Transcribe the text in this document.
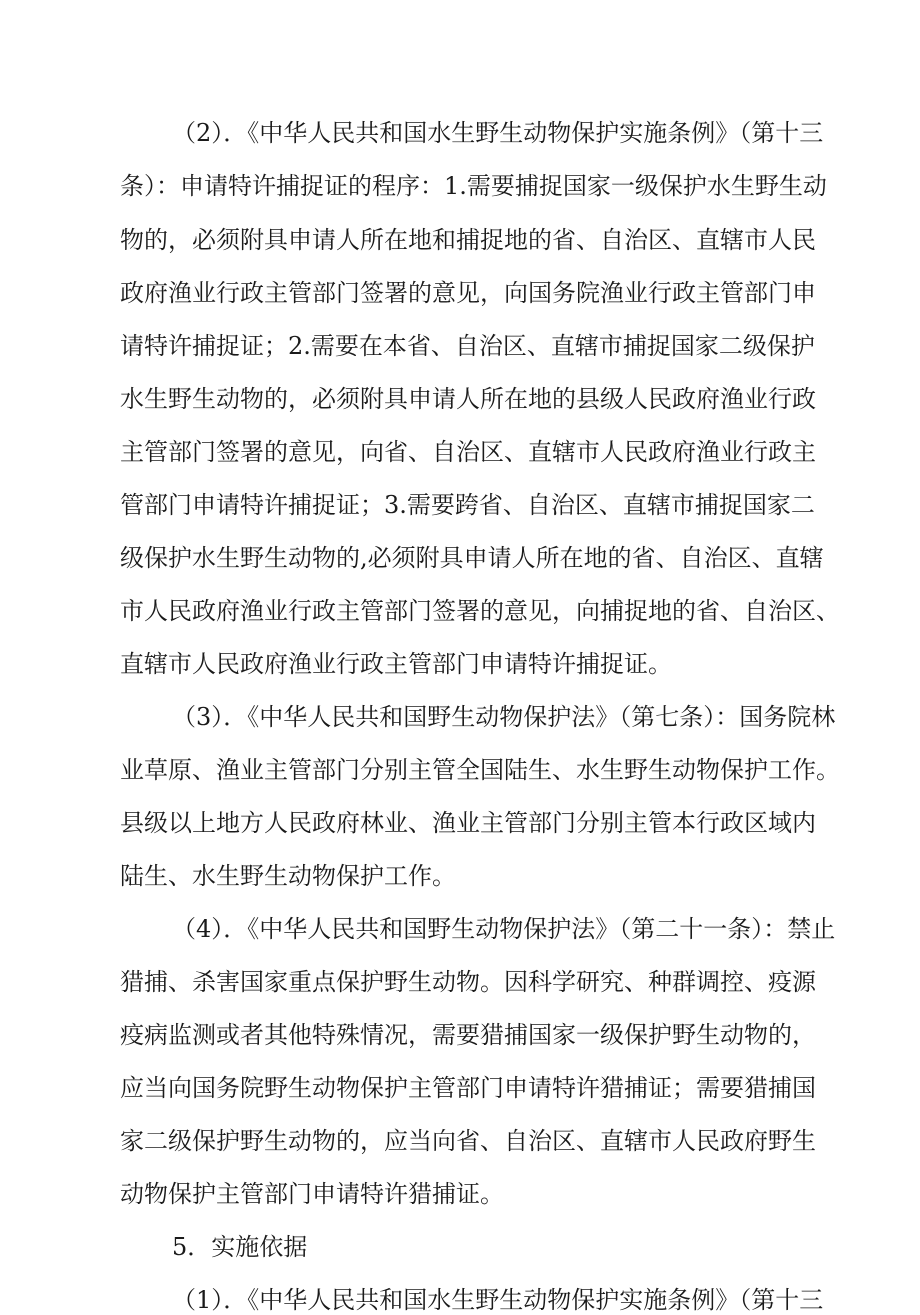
（2）．《中华人民共和国水生野生动物保护实施条例》（第十三
条）：申请特许捕捉证的程序：1.需要捕捉国家一级保护水生野生动
物的，必须附具申请人所在地和捕捉地的省、自治区、直辖市人民
政府渔业行政主管部门签署的意见，向国务院渔业行政主管部门申
请特许捕捉证；2.需要在本省、自治区、直辖市捕捉国家二级保护
水生野生动物的，必须附具申请人所在地的县级人民政府渔业行政
主管部门签署的意见，向省、自治区、直辖市人民政府渔业行政主
管部门申请特许捕捉证；3.需要跨省、自治区、直辖市捕捉国家二
级保护水生野生动物的,必须附具申请人所在地的省、自治区、直辖
市人民政府渔业行政主管部门签署的意见，向捕捉地的省、自治区、
直辖市人民政府渔业行政主管部门申请特许捕捉证。
（3）．《中华人民共和国野生动物保护法》（第七条）：国务院林
业草原、渔业主管部门分别主管全国陆生、水生野生动物保护工作。
县级以上地方人民政府林业、渔业主管部门分别主管本行政区域内
陆生、水生野生动物保护工作。
（4）．《中华人民共和国野生动物保护法》（第二十一条）：禁止
猎捕、杀害国家重点保护野生动物。因科学研究、种群调控、疫源
疫病监测或者其他特殊情况，需要猎捕国家一级保护野生动物的，
应当向国务院野生动物保护主管部门申请特许猎捕证；需要猎捕国
家二级保护野生动物的，应当向省、自治区、直辖市人民政府野生
动物保护主管部门申请特许猎捕证。
5．实施依据
（1）．《中华人民共和国水生野生动物保护实施条例》（第十三
